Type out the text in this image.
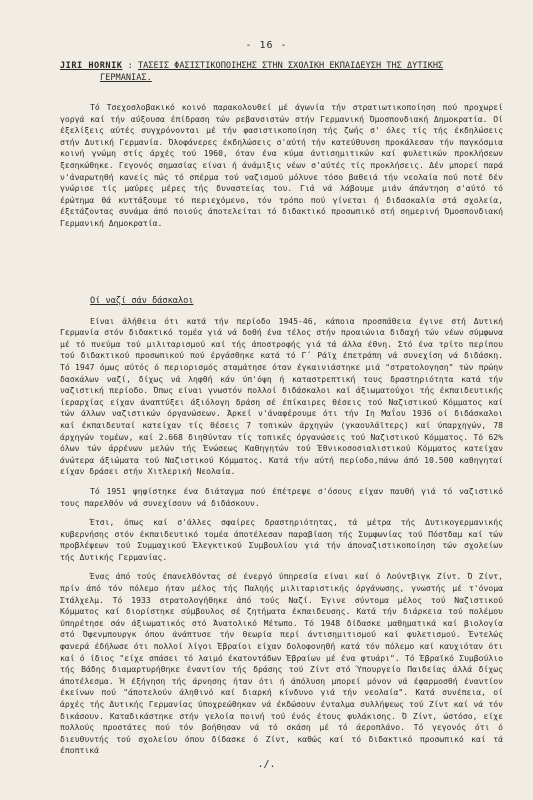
- 16 -
JIRI HORNIK : ΤΑΣΕΙΣ ΦΑΣΙΣΤΙΚΟΠΟΙΗΣΗΣ ΣΤΗΝ ΣΧΟΛΙΚΗ ΕΚΠΑΙΔΕΥΣΗ ΤΗΣ ΔΥΤΙΚΗΣ
ΓΕΡΜΑΝΙΑΣ.

Τό Τσεχοσλοβακικό κοινό παρακολουθεί μέ άγωνία τήν στρατιωτικοποίηση πού προχωρεί γοργά καί τήν αύξουσα έπίδραση τών ρεβανσιστών στήν Γερμανική Όμοσπονδιακή Δημοκρατία. Οί έξελίξεις αύτές συγχρόνονται μέ τήν φασιστικοποίηση τής ζωής σ' όλες τίς τής έκδηλώσεις στήν Δυτική Γερμανία. Όλοφάνερες έκδηλώσεις σ'αύτή τήν κατεύθυνση προκάλεσαν τήν παγκόσμια κοινή γνώμη στίς άρχές τού 1960, όταν ένα κύμα άντισημιτικών καί φυλετικών προκλήσεων ξεσηκώθηκε. Γεγονός σημασίας είναι ή άνάμιξις νέων σ'αύτές τίς προκλήσεις. Δέν μπορεί παρά ν'άναρωτηθή κανείς πώς τό σπέρμα τού ναζισμού μόλυνε τόσο βαθειά τήν νεολαία πού ποτέ δέν γνώρισε τίς μαύρες μέρες τής δυναστείας του. Γιά νά λάβουμε μιάν άπάντηση σ'αύτό τό έρώτημα θά κυττάξουμε τό περιεχόμενο, τόν τρόπο πού γίνεται ή διδασκαλία στά σχολεία, έξετάζοντας συνάμα άπό ποιούς άποτελείται τό διδακτικό προσωπικό στή σημερινή Όμοσπονδιακή Γερμανική Δημοκρατία.

Οί ναζί σάν δάσκαλοι

Είναι άλήθεια ότι κατά τήν περίοδο 1945-46, κάποια προσπάθεια έγινε στή Δυτική Γερμανία στόν διδακτικό τομέα γιά νά δοθή ένα τέλος στήν προαιώνια διδαχή τών νέων σύμφωνα μέ τό πνεύμα τού μιλιταρισμού καί τής άποστροφής γιά τά άλλα έθνη. Στό ένα τρίτο περίπου τού διδακτικού προσωπικού πού έργάσθηκε κατά τό Γ΄ Ράϊχ έπετράπη νά συνεχίση νά διδάσκη. Τό 1947 όμως αύτός ό περιορισμός σταμάτησε όταν έγκαινιάστηκε μιά "στρατολογηση" τών πρώην δασκάλων ναζί, δίχως νά ληφθή κάν ύπ'όψη ή καταστρεπτική τους δραστηριότητα κατά τήν ναζιστική περίοδο. Όπως είναι γνωστόν πολλοί διδάσκαλοι καί άξιωματούχοι τής έκπαιδευτικής ίεραρχίας είχαν άναπτύξει άξιόλογη δράση σέ έπίκαιρες θέσεις τού Ναζιστικού Κόμματος καί τών άλλων ναζιστικών όργανώσεων. Άρκεί ν'άναφέρουμε ότι τήν Ιη Μαΐου 1936 οί διδάσκαλοι καί έκπαιδευταί κατείχαν τίς θέσεις 7 τοπικών άρχηγών (γκαουλάϊτερς) καί ύπαρχηγών, 78 άρχηγών τομέων, καί 2.668 διηθύνταν τίς τοπικές όργανώσεις τού Ναζιστικού Κόμματος. Τό 62% όλων τών άρρένων μελών τής Ένώσεως Καθηγητών τού Έθνικοσοσιαλιστικού Κόμματος κατείχαν άνώτερα άξιώματα τού Ναζιστικού Κόμματος. Κατά τήν αύτή περίοδο,πάνω άπό 10.500 καθηγηταί είχαν δράσει στήν Χιτλερική Νεολαία.

Τό 1951 ψηφίστηκε ένα διάταγμα πού έπέτρεψε σ'όσους είχαν παυθή γιά τό ναζιστικό τους παρελθόν νά συνεχίσουν νά διδάσκουν.

Έτσι, όπως καί σ'άλλες σφαίρες δραστηριότητας, τά μέτρα τής Δυτικογερμανικής κυβερνήσης στόν έκπαιδευτικό τομέα άποτέλεσαν παραβίαση τής Συμφωνίας τού Πόστδαμ καί τών προβλέψεων τού Συμμαχικού Έλεγκτικού Συμβουλίου γιά τήν άποναζιστικοποίηση τών σχολείων τής Δυτικής Γερμανίας.

Ένας άπό τούς έπανελθόντας σέ ένεργό ύπηρεσία είναι καί ό Λούντβιγκ Ζίντ. Ό Ζίντ, πρίν άπό τόν πόλεμο ήταν μέλος τής Παληής μιλιταριστικής όργάνωσης, γνωστής μέ τ'όνομα Στάλχελμ. Τό 1933 στρατολογήθηκε άπό τούς Ναζί. Έγινε σύντομα μέλος τού Ναζιστικού Κόμματος καί διορίστηκε σύμβουλος σέ ζητήματα έκπαιδευσης. Κατά τήν διάρκεια τού πολέμου ύπηρέτησε σάν άξιωματικός στό Άνατολικό Μέτωπο. Τό 1948 δίδασκε μαθηματικά καί βιολογία στό Όφενμπουργκ όπου άνάπτυσε τήν θεωρία περί άντισημιτισμού καί φυλετισμού. Έντελώς φανερά έδήλωσε ότι πολλοί λίγοι Έβραίοι είχαν δολοφονηθή κατά τόν πόλεμο καί καυχιόταν ότι καί ό ίδιος "είχε σπάσει τό λαιμό έκατοντάδων Έβραίων μέ ένα φτυάρι". Τό Έβραϊκό Συμβούλιο τής Βάδης διαμαρτυρήθηκε έναντίον τής δράσης τού Ζίντ στό Ύπουργείο Παιδείας άλλά δίχως άποτέλεσμα. Ή έξήγηση τής άρνησης ήταν ότι ή άπόλυση μπορεί μόνον νά έφαρμοσθή έναντίον έκείνων πού "άποτελούν άληθινό καί διαρκή κίνδυνο γιά τήν νεολαία". Κατά συνέπεια, οί άρχές τής Δυτικής Γερμανίας ύποχρεώθηκαν νά έκδώσουν ένταλμα συλλήψεως τού Ζίντ καί νά τόν δικάσουν. Καταδικάστηκε στήν γελοία ποινή τού ένός έτους φυλάκισης. Ό Ζίντ, ώστόσο, είχε πολλούς προστάτες πού τόν βοήθησαν νά τό σκάση μέ τό άεροπλάνο. Τό γεγονός ότι ό διευθυντής τού σχολείου όπου δίδασκε ό Ζίντ, καθώς καί τό διδακτικό προσωπικό καί τά έποπτικά

./.
